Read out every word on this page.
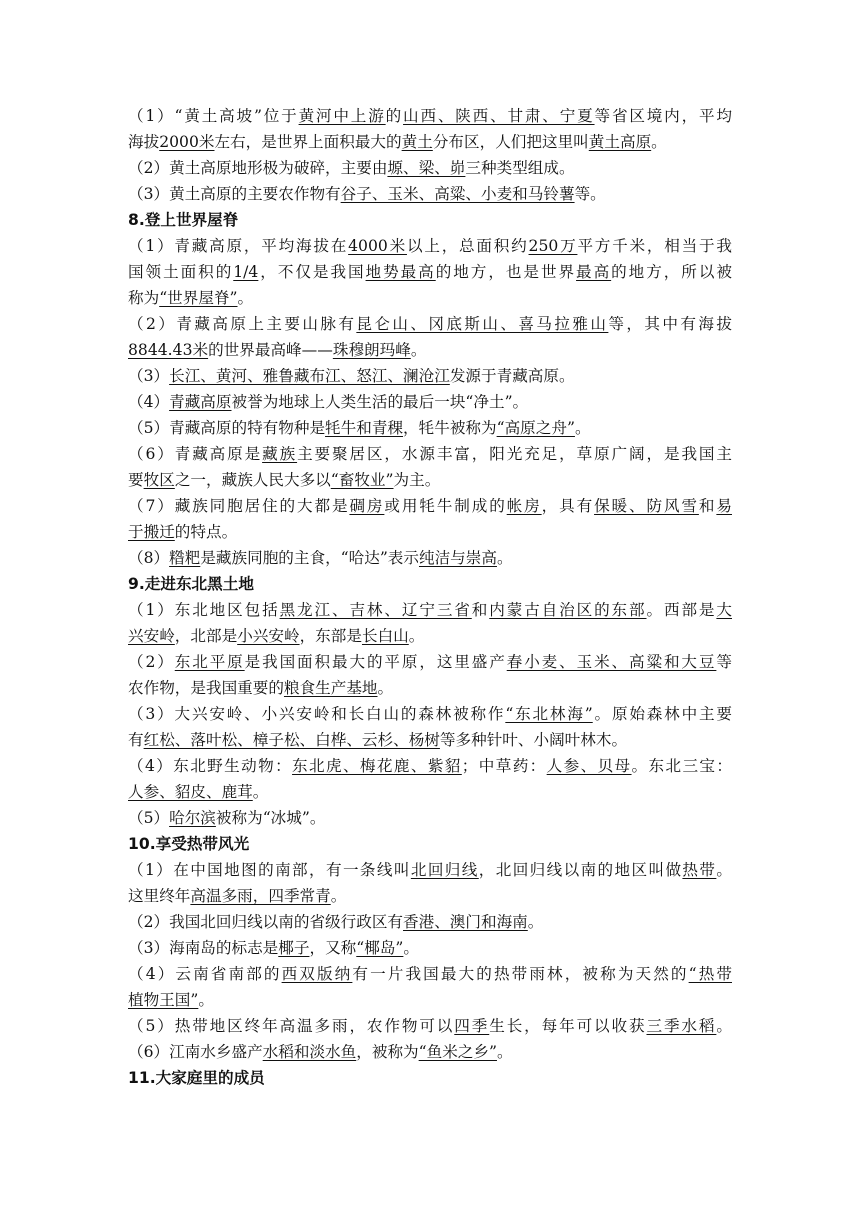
（1）“黄土高坡”位于黄河中上游的山西、陕西、甘肃、宁夏等省区境内，平均
海拔2000米左右，是世界上面积最大的黄土分布区，人们把这里叫黄土高原。
（2）黄土高原地形极为破碎，主要由塬、梁、峁三种类型组成。
（3）黄土高原的主要农作物有谷子、玉米、高粱、小麦和马铃薯等。
8.登上世界屋脊
（1）青藏高原，平均海拔在4000米以上，总面积约250万平方千米，相当于我
国领土面积的1/4，不仅是我国地势最高的地方，也是世界最高的地方，所以被
称为“世界屋脊”。
（2）青藏高原上主要山脉有昆仑山、冈底斯山、喜马拉雅山等，其中有海拔
8844.43米的世界最高峰——珠穆朗玛峰。
（3）长江、黄河、雅鲁藏布江、怒江、澜沧江发源于青藏高原。
（4）青藏高原被誉为地球上人类生活的最后一块“净土”。
（5）青藏高原的特有物种是牦牛和青稞，牦牛被称为“高原之舟”。
（6）青藏高原是藏族主要聚居区，水源丰富，阳光充足，草原广阔，是我国主
要牧区之一，藏族人民大多以“畜牧业”为主。
（7）藏族同胞居住的大都是碉房或用牦牛制成的帐房，具有保暖、防风雪和易
于搬迁的特点。
（8）糌粑是藏族同胞的主食，“哈达”表示纯洁与崇高。
9.走进东北黑土地
（1）东北地区包括黑龙江、吉林、辽宁三省和内蒙古自治区的东部。西部是大
兴安岭，北部是小兴安岭，东部是长白山。
（2）东北平原是我国面积最大的平原，这里盛产春小麦、玉米、高粱和大豆等
农作物，是我国重要的粮食生产基地。
（3）大兴安岭、小兴安岭和长白山的森林被称作“东北林海”。原始森林中主要
有红松、落叶松、樟子松、白桦、云杉、杨树等多种针叶、小阔叶林木。
（4）东北野生动物：东北虎、梅花鹿、紫貂；中草药：人参、贝母。东北三宝：
人参、貂皮、鹿茸。
（5）哈尔滨被称为“冰城”。
10.享受热带风光
（1）在中国地图的南部，有一条线叫北回归线，北回归线以南的地区叫做热带。
这里终年高温多雨，四季常青。
（2）我国北回归线以南的省级行政区有香港、澳门和海南。
（3）海南岛的标志是椰子，又称“椰岛”。
（4）云南省南部的西双版纳有一片我国最大的热带雨林，被称为天然的“热带
植物王国”。
（5）热带地区终年高温多雨，农作物可以四季生长，每年可以收获三季水稻。
（6）江南水乡盛产水稻和淡水鱼，被称为“鱼米之乡”。
11.大家庭里的成员
